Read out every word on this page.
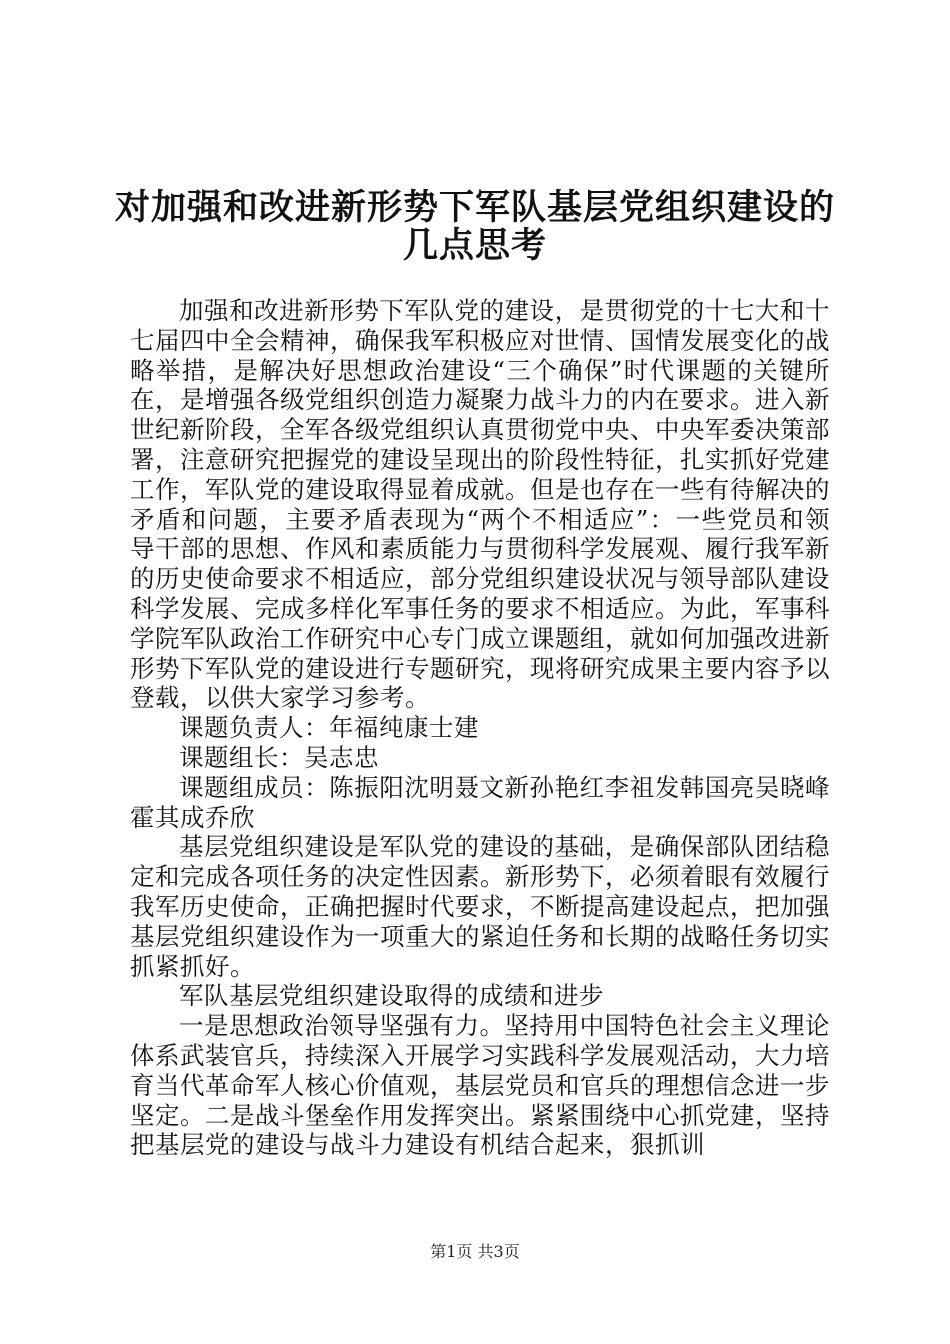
对加强和改进新形势下军队基层党组织建设的
几点思考

加强和改进新形势下军队党的建设，是贯彻党的十七大和十七届四中全会精神，确保我军积极应对世情、国情发展变化的战略举措，是解决好思想政治建设“三个确保”时代课题的关键所在，是增强各级党组织创造力凝聚力战斗力的内在要求。进入新世纪新阶段，全军各级党组织认真贯彻党中央、中央军委决策部署，注意研究把握党的建设呈现出的阶段性特征，扎实抓好党建工作，军队党的建设取得显着成就。但是也存在一些有待解决的矛盾和问题，主要矛盾表现为“两个不相适应”：一些党员和领导干部的思想、作风和素质能力与贯彻科学发展观、履行我军新的历史使命要求不相适应，部分党组织建设状况与领导部队建设科学发展、完成多样化军事任务的要求不相适应。为此，军事科学院军队政治工作研究中心专门成立课题组，就如何加强改进新形势下军队党的建设进行专题研究，现将研究成果主要内容予以登载，以供大家学习参考。

课题负责人：年福纯康士建

课题组长：吴志忠

课题组成员：陈振阳沈明聂文新孙艳红李祖发韩国亮吴晓峰霍其成乔欣

基层党组织建设是军队党的建设的基础，是确保部队团结稳定和完成各项任务的决定性因素。新形势下，必须着眼有效履行我军历史使命，正确把握时代要求，不断提高建设起点，把加强基层党组织建设作为一项重大的紧迫任务和长期的战略任务切实抓紧抓好。

军队基层党组织建设取得的成绩和进步

一是思想政治领导坚强有力。坚持用中国特色社会主义理论体系武装官兵，持续深入开展学习实践科学发展观活动，大力培育当代革命军人核心价值观，基层党员和官兵的理想信念进一步坚定。二是战斗堡垒作用发挥突出。紧紧围绕中心抓党建，坚持把基层党的建设与战斗力建设有机结合起来，狠抓训

第1页 共3页
